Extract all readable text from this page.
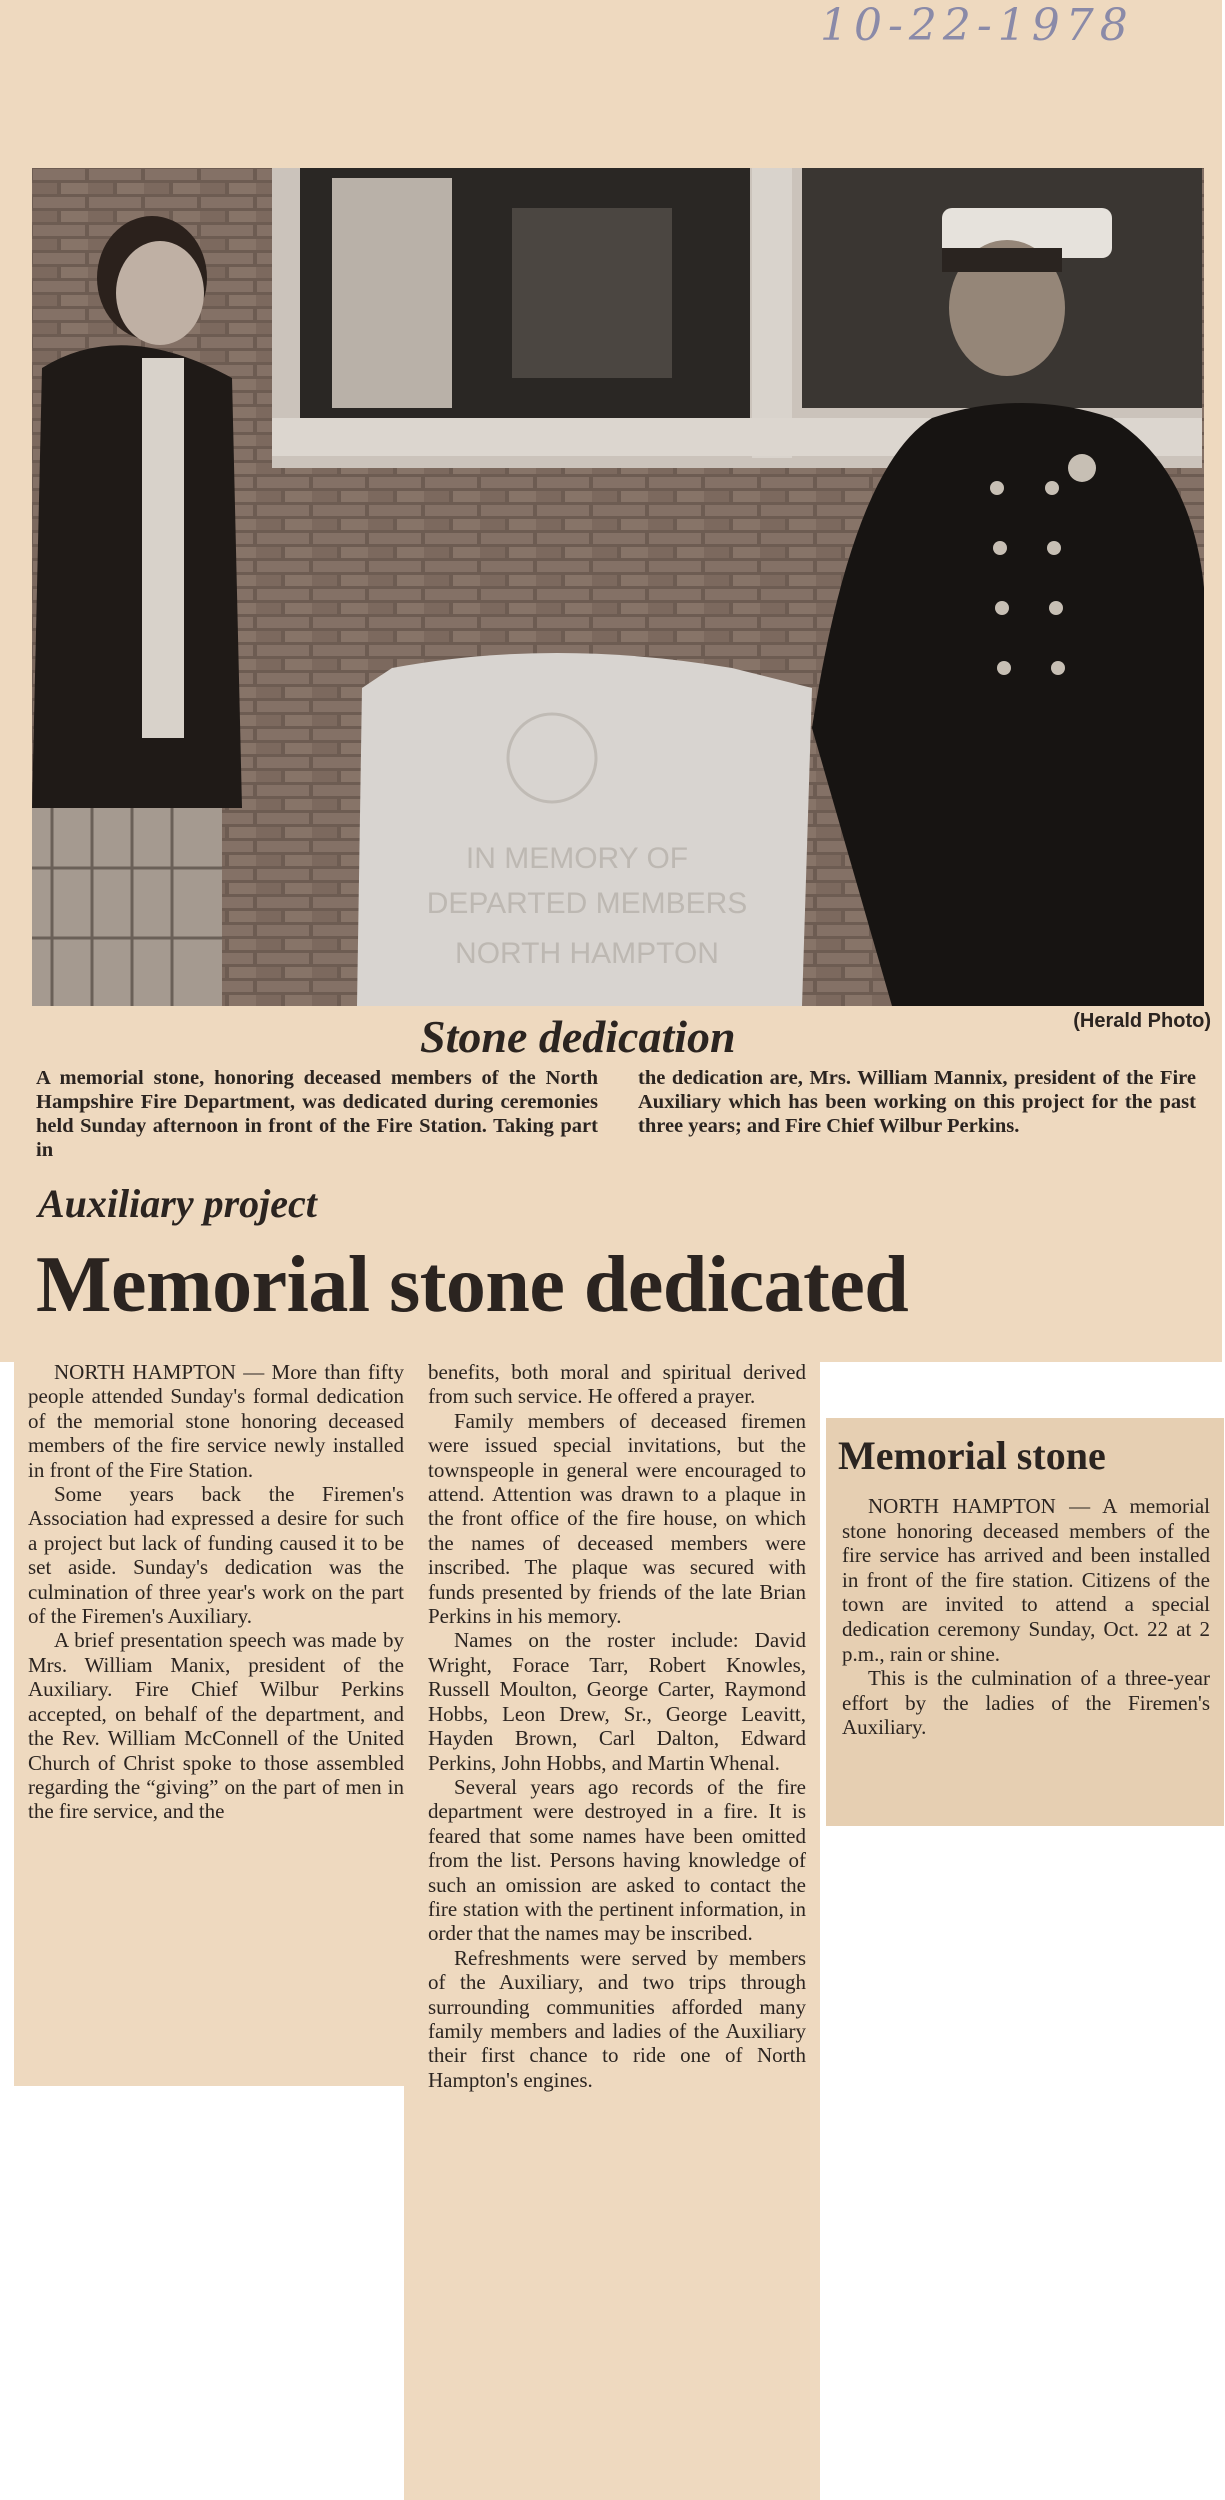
10-22-1978
IN MEMORY OF
DEPARTED MEMBERS
NORTH HAMPTON
(Herald Photo)
Stone dedication
A memorial stone, honoring deceased members of the North Hampshire Fire Department, was dedicated during ceremonies held Sunday afternoon in front of the Fire Station. Taking part in
the dedication are, Mrs. William Mannix, president of the Fire Auxiliary which has been working on this project for the past three years; and Fire Chief Wilbur Perkins.
Auxiliary project
Memorial stone dedicated

NORTH HAMPTON — More than fifty people attended Sunday's formal dedication of the memorial stone honoring deceased members of the fire service newly installed in front of the Fire Station.

Some years back the Firemen's Association had expressed a desire for such a project but lack of funding caused it to be set aside. Sunday's dedication was the culmination of three year's work on the part of the Firemen's Auxiliary.

A brief presentation speech was made by Mrs. William Manix, president of the Auxiliary. Fire Chief Wilbur Perkins accepted, on behalf of the department, and the Rev. William McConnell of the United Church of Christ spoke to those assembled regarding the “giving” on the part of men in the fire service, and the

benefits, both moral and spiritual derived from such service. He offered a prayer.

Family members of deceased firemen were issued special invitations, but the townspeople in general were encouraged to attend. Attention was drawn to a plaque in the front office of the fire house, on which the names of deceased members were inscribed. The plaque was secured with funds presented by friends of the late Brian Perkins in his memory.

Names on the roster include: David Wright, Forace Tarr, Robert Knowles, Russell Moulton, George Carter, Raymond Hobbs, Leon Drew, Sr., George Leavitt, Hayden Brown, Carl Dalton, Edward Perkins, John Hobbs, and Martin Whenal.

Several years ago records of the fire department were destroyed in a fire. It is feared that some names have been omitted from the list. Persons having knowledge of such an omission are asked to contact the fire station with the pertinent information, in order that the names may be inscribed.

Refreshments were served by members of the Auxiliary, and two trips through surrounding communities afforded many family members and ladies of the Auxiliary their first chance to ride one of North Hampton's engines.

Memorial stone

NORTH HAMPTON — A memorial stone honoring deceased members of the fire service has arrived and been installed in front of the fire station. Citizens of the town are invited to attend a special dedication ceremony Sunday, Oct. 22 at 2 p.m., rain or shine.

This is the culmination of a three-year effort by the ladies of the Firemen's Auxiliary.
